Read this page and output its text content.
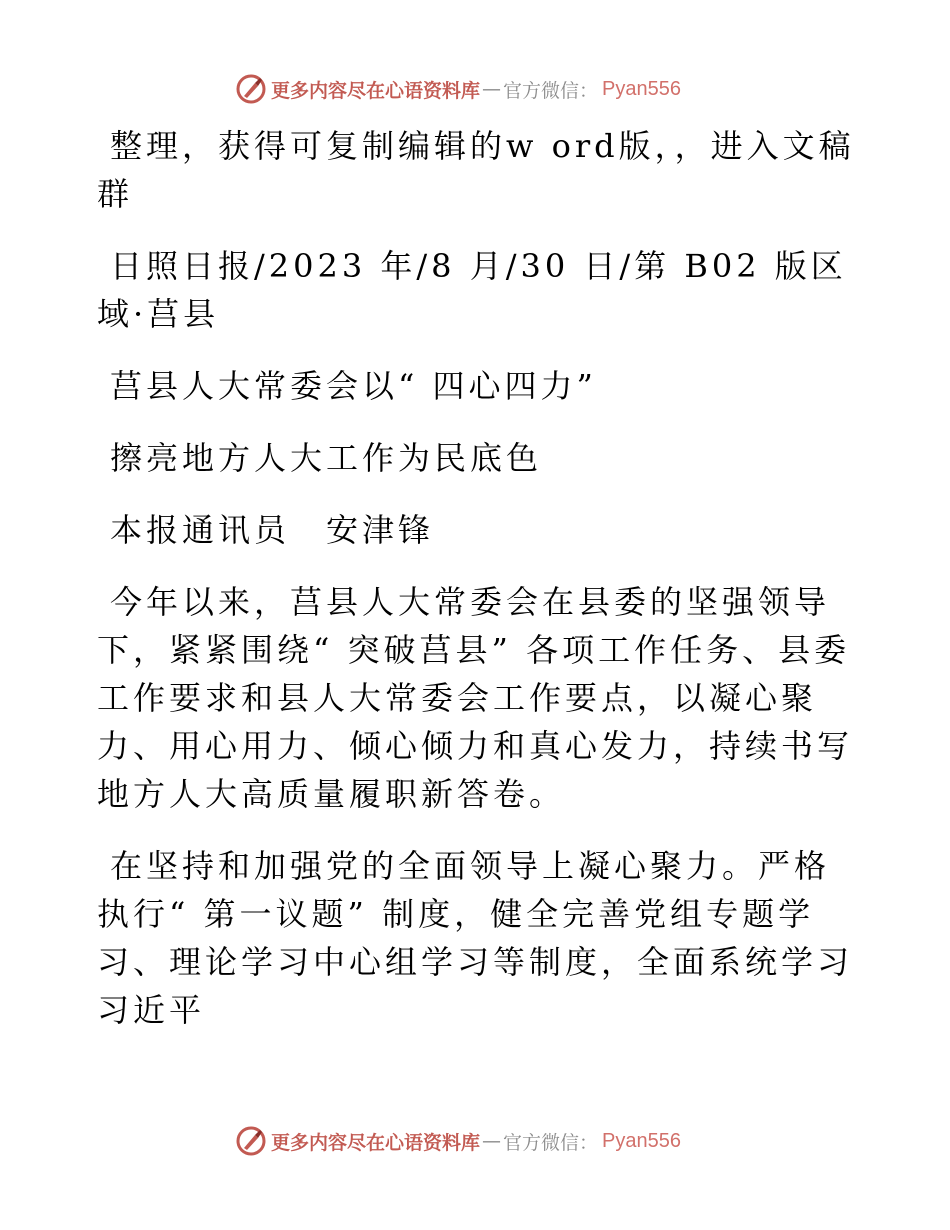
更多内容尽在心语资料库 — 官方微信： Pyan556

整理，获得可复制编辑的w ord版，，进入文稿群

日照日报/2023 年/8 月/30 日/第 B02 版区域·莒县

莒县人大常委会以“ 四心四力”

擦亮地方人大工作为民底色

本报通讯员　安津锋

今年以来，莒县人大常委会在县委的坚强领导下，紧紧围绕“ 突破莒县” 各项工作任务、县委工作要求和县人大常委会工作要点，以凝心聚力、用心用力、倾心倾力和真心发力，持续书写地方人大高质量履职新答卷。

在坚持和加强党的全面领导上凝心聚力。严格执行“ 第一议题” 制度，健全完善党组专题学习、理论学习中心组学习等制度，全面系统学习习近平

更多内容尽在心语资料库 — 官方微信： Pyan556
